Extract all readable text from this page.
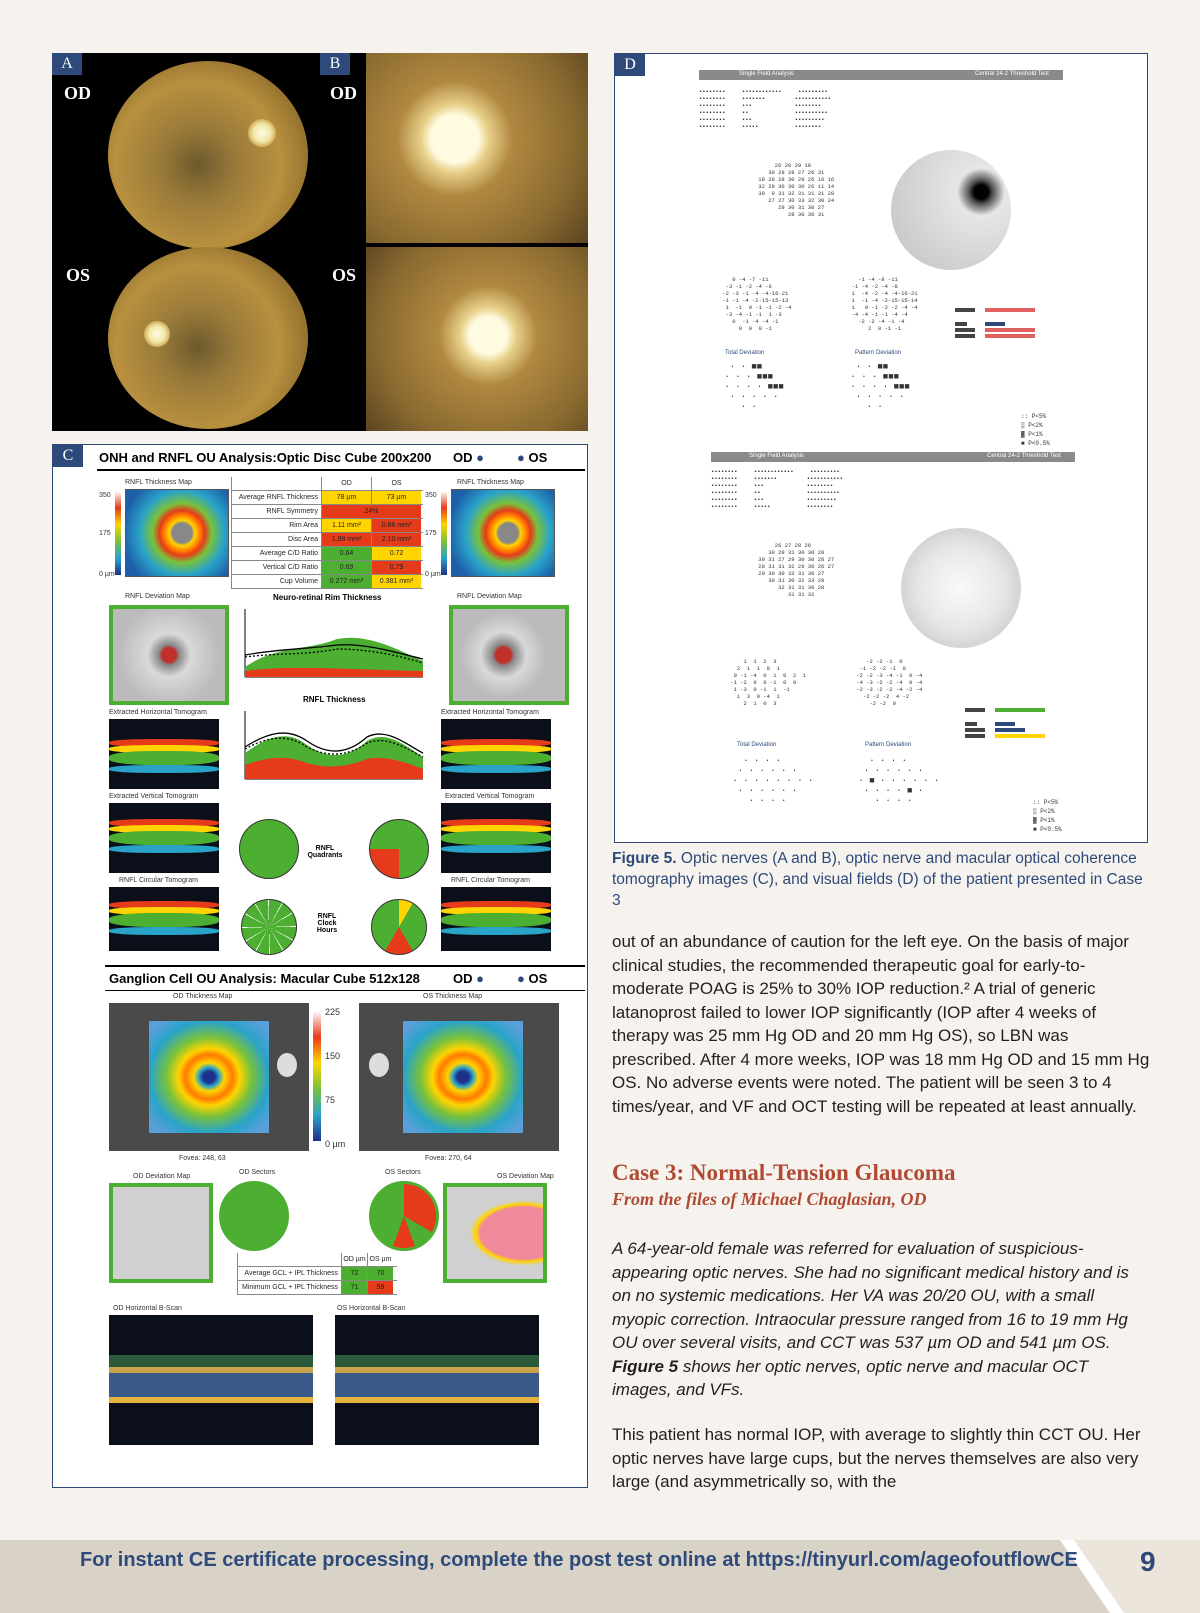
A	B
OD	OD
OS	OS
C	ONH and RNFL OU Analysis:Optic Disc Cube 200x200 OD ●	● OS
RNFL Thickness Map	RNFL Thickness Map
350
175
0 µm
350
175
0 µm
OD	OS
Average RNFL Thickness	78 µm	73 µm
RNFL Symmetry	24%
Rim Area	1.11 mm²	0.86 mm²
Disc Area	1.98 mm²	2.10 mm²
Average C/D Ratio	0.64	0.72
Vertical C/D Ratio	0.69	0.79
Cup Volume	0.272 mm³	0.381 mm³
RNFL Deviation Map	RNFL Deviation Map
Neuro-retinal Rim Thickness
RNFL Thickness
Extracted Horizontal Tomogram	Extracted Horizontal Tomogram
Extracted Vertical Tomogram	Extracted Vertical Tomogram
RNFL Circular Tomogram	RNFL Circular Tomogram
RNFL Quadrants
RNFL Clock Hours
Ganglion Cell OU Analysis: Macular Cube 512x128	OD ●	● OS
OD Thickness Map	OS Thickness Map
225
150
75
0 µm
Fovea: 248, 63	Fovea: 270, 64
OD Deviation Map	OS Deviation Map
OD Sectors	OS Sectors
OD µm OS µm
Average GCL + IPL Thickness	72	70
Minimum GCL + IPL Thickness	71	59
OD Horizontal B-Scan	OS Horizontal B-Scan
D
Single Field Analysis	Central 24-2 Threshold Test
▪▪▪▪▪▪▪▪     ▪▪▪▪▪▪▪▪▪▪▪▪     ▪▪▪▪▪▪▪▪▪
▪▪▪▪▪▪▪▪     ▪▪▪▪▪▪▪         ▪▪▪▪▪▪▪▪▪▪▪
▪▪▪▪▪▪▪▪     ▪▪▪             ▪▪▪▪▪▪▪▪
▪▪▪▪▪▪▪▪     ▪▪              ▪▪▪▪▪▪▪▪▪▪
▪▪▪▪▪▪▪▪     ▪▪▪             ▪▪▪▪▪▪▪▪▪
▪▪▪▪▪▪▪▪     ▪▪▪▪▪           ▪▪▪▪▪▪▪▪
26 20 29 18
30 28 28 27 26 31
18 29 28 30 29 26 16 16
32 29 30 30 30 26 11 14
30  0 31 32 31 31 31 28
27 27 30 33 32 30 24
29 30 31 30 27
28 30 30 31
Total Deviation	Pattern Deviation
0 -4 -7 -11
-3 -1 -2 -4 -6
-2 -3 -1 -4 -4-16-21
-1 -1 -4 -2-15-15-13
1  -1  0 -1 -1 -2 -4
-3 -4 -1 -1  1 -3
0  -1 -4 -4 -1
0  0  0 -1
-1 -4 -8 -11
-1 -4 -2 -4 -8
1  -4 -2 -4 -4-16-21
1  -1 -4 -2-15-15-14
1   0 -1 -2 -2 -4 -4
-4 -4 -1 -1 -4 -4
-2 -2 -4 -1 -4
2  0 -1 -1
· · ■■
· · · ■■■
· · · · ■■■
· · · · ·
· ·
· · ■■
· · · ■■■
· · · · ■■■
· · · · ·
· ·
Single Field Analysis	Central 24-2 Threshold Test
▪▪▪▪▪▪▪▪     ▪▪▪▪▪▪▪▪▪▪▪▪     ▪▪▪▪▪▪▪▪▪
▪▪▪▪▪▪▪▪     ▪▪▪▪▪▪▪         ▪▪▪▪▪▪▪▪▪▪▪
▪▪▪▪▪▪▪▪     ▪▪▪             ▪▪▪▪▪▪▪▪
▪▪▪▪▪▪▪▪     ▪▪              ▪▪▪▪▪▪▪▪▪▪
▪▪▪▪▪▪▪▪     ▪▪▪             ▪▪▪▪▪▪▪▪▪
▪▪▪▪▪▪▪▪     ▪▪▪▪▪           ▪▪▪▪▪▪▪▪
26 27 28 26
30 29 31 30 30 28
30 31 27 29 30 30 28 27
28 31 31 32 29 30 26 27
29 30 30 33 31 30 27
30 31 30 32 33 29
32 31 31 30 28
31 31 32
Total Deviation	Pattern Deviation
1  1  2  3
2  1  1  0  1
0 -1 -4  0  1  0  2  1
-1 -2  0  0 -1  0  0
1 -3  0 -1  1  -1
1  3  0 -4  1
2  1  0  3
-2 -2 -1  0
-1 -2 -2 -1  0
-2 -2 -3 -4 -1  0 -4
-4 -3 -2 -2 -4  0 -4
-2 -3 -2 -2 -4 -2 -4
-2 -2 -2  4 -2
-2 -2  0
· · · ·
· · · · · ·
· · · · · · · ·
· · · · · ·
· · · ·
· · · ·
· · · · · ·
· ■ · · · · · ·
· · · · ■ ·
· · · ·	:: P<5%
▒ P<2%
▓ P<1%
■ P<0.5%
:: P<5%
▒ P<2%
▓ P<1%
■ P<0.5%
Figure 5. Optic nerves (A and B), optic nerve and macular optical coherence tomography images (C), and visual fields (D) of the patient presented in Case 3
out of an abundance of caution for the left eye. On the basis of major clinical studies, the recommended therapeutic goal for early-to-moderate POAG is 25% to 30% IOP reduction.² A trial of generic latanoprost failed to lower IOP significantly (IOP after 4 weeks of therapy was 25 mm Hg OD and 20 mm Hg OS), so LBN was prescribed. After 4 more weeks, IOP was 18 mm Hg OD and 15 mm Hg OS. No adverse events were noted. The patient will be seen 3 to 4 times/year, and VF and OCT testing will be repeated at least annually.
Case 3: Normal-Tension Glaucoma
From the files of Michael Chaglasian, OD
A 64-year-old female was referred for evaluation of suspicious-appearing optic nerves. She had no significant medical history and is on no systemic medications. Her VA was 20/20 OU, with a small myopic correction. Intraocular pressure ranged from 16 to 19 mm Hg OU over several visits, and CCT was 537 µm OD and 541 µm OS. Figure 5 shows her optic nerves, optic nerve and macular OCT images, and VFs.
This patient has normal IOP, with average to slightly thin CCT OU. Her optic nerves have large cups, but the nerves themselves are also very large (and asymmetrically so, with the
For instant CE certificate processing, complete the post test online at https://tinyurl.com/ageofoutflowCE 9
